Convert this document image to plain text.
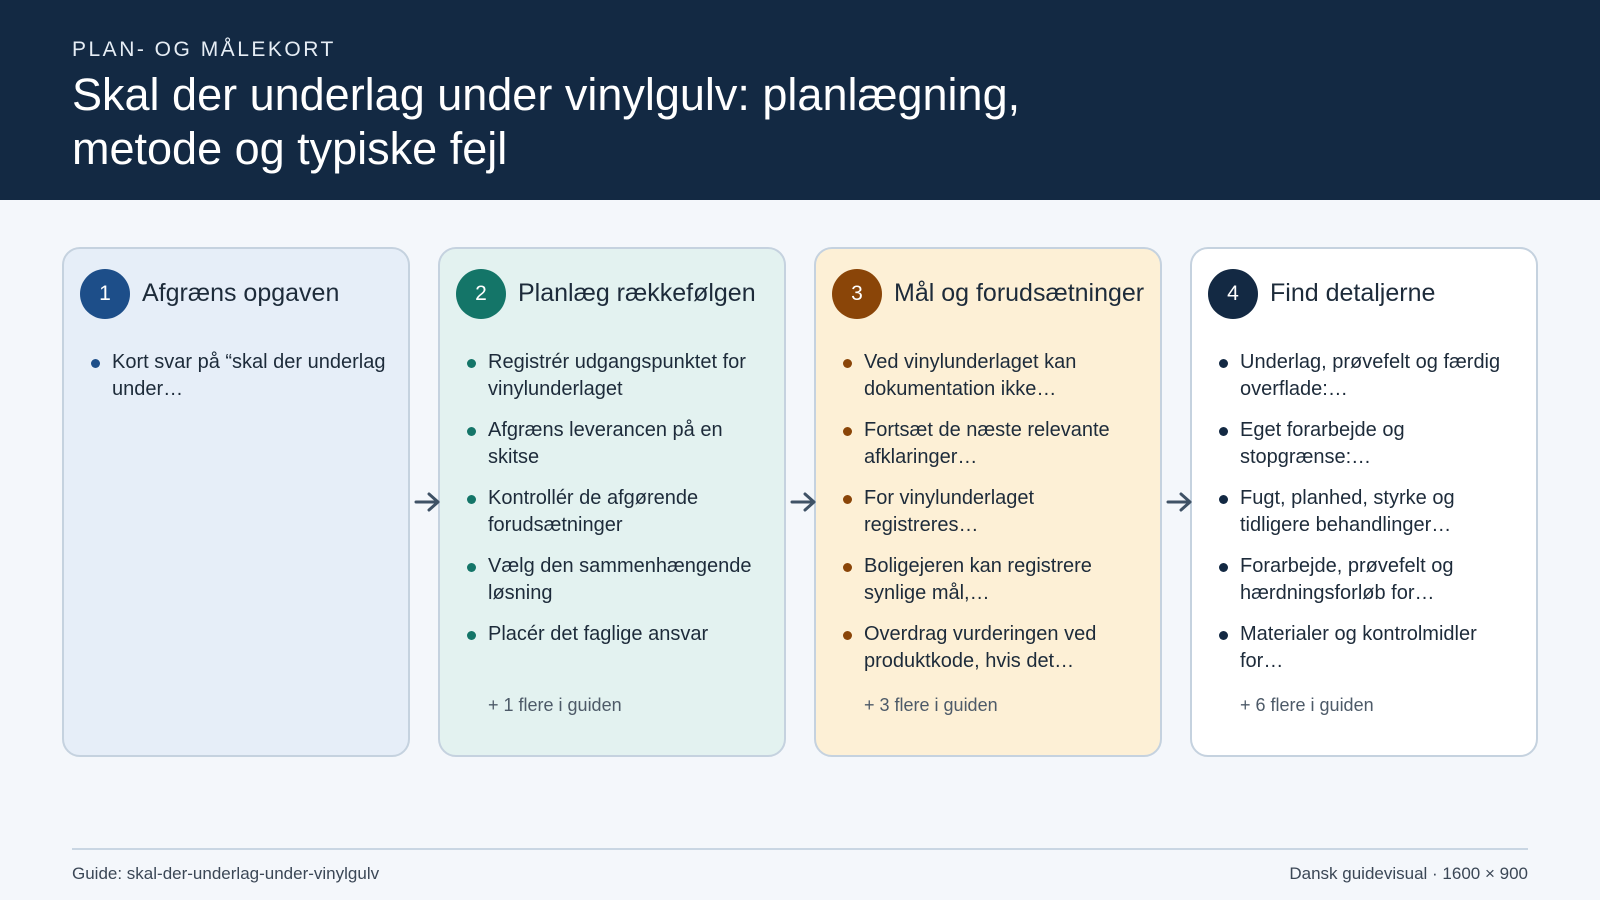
PLAN- OG MÅLEKORT
Skal der underlag under vinylgulv: planlægning, metode og typiske fejl
1	Afgræns opgaven
Kort svar på “skal der underlag under…
2	Planlæg rækkefølgen
Registrér udgangspunktet for vinylunderlaget
Afgræns leverancen på en skitse
Kontrollér de afgørende forudsætninger
Vælg den sammenhængende løsning
Placér det faglige ansvar
+ 1 flere i guiden
3	Mål og forudsætninger
Ved vinylunderlaget kan dokumentation ikke…
Fortsæt de næste relevante afklaringer…
For vinylunderlaget registreres…
Boligejeren kan registrere synlige mål,…
Overdrag vurderingen ved produktkode, hvis det…
+ 3 flere i guiden
4	Find detaljerne
Underlag, prøvefelt og færdig overflade:…
Eget forarbejde og stopgrænse:…
Fugt, planhed, styrke og tidligere behandlinger…
Forarbejde, prøvefelt og hærdningsforløb for…
Materialer og kontrolmidler for…
+ 6 flere i guiden
Guide: skal-der-underlag-under-vinylgulv	Dansk guidevisual · 1600 × 900
